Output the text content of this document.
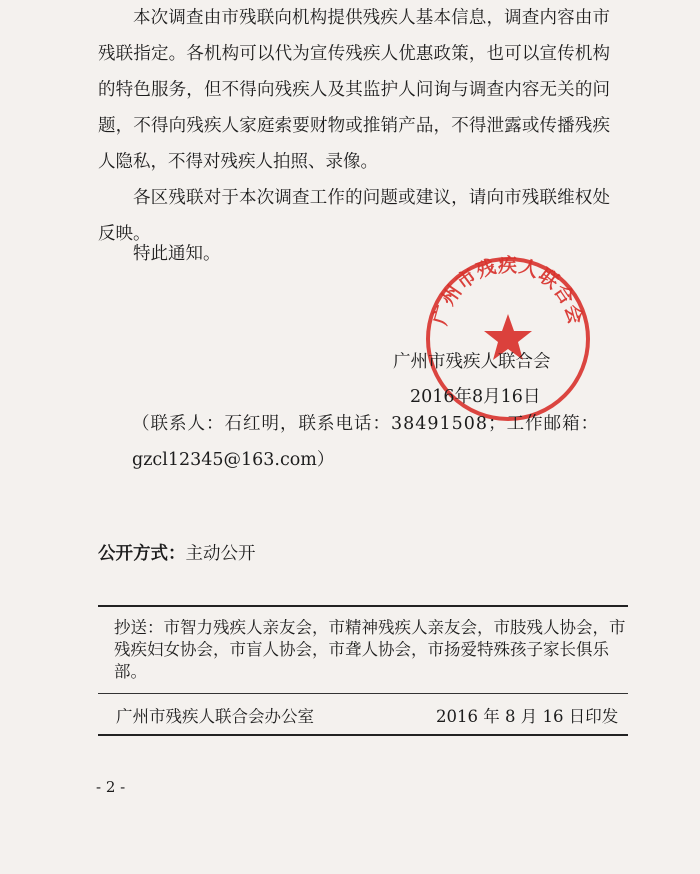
本次调查由市残联向机构提供残疾人基本信息，调查内容由市残联指定。各机构可以代为宣传残疾人优惠政策，也可以宣传机构的特色服务，但不得向残疾人及其监护人问询与调查内容无关的问题，不得向残疾人家庭索要财物或推销产品，不得泄露或传播残疾人隐私，不得对残疾人拍照、录像。

各区残联对于本次调查工作的问题或建议，请向市残联维权处反映。

特此通知。

广州市残疾人联合会
广州市残疾人联合会
2016年8月16日
（联系人：石红明，联系电话：38491508；工作邮箱：
gzcl12345@163.com）
公开方式：主动公开

抄送：市智力残疾人亲友会，市精神残疾人亲友会，市肢残人协会，市残疾妇女协会，市盲人协会，市聋人协会，市扬爱特殊孩子家长俱乐部。

广州市残疾人联合会办公室	2016 年 8 月 16 日印发
- 2 -
